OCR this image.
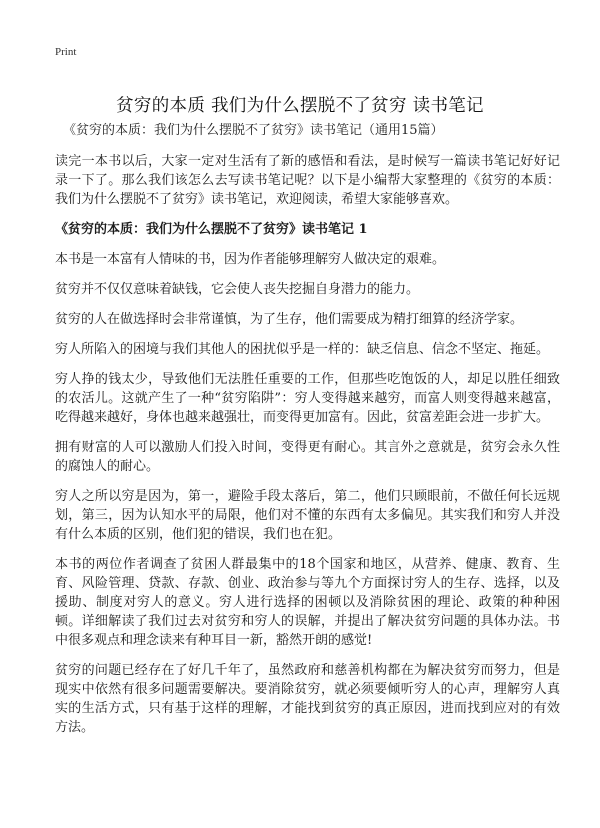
Print
贫穷的本质 我们为什么摆脱不了贫穷 读书笔记
《贫穷的本质：我们为什么摆脱不了贫穷》读书笔记（通用15篇）

读完一本书以后，大家一定对生活有了新的感悟和看法，是时候写一篇读书笔记好好记录一下了。那么我们该怎么去写读书笔记呢？以下是小编帮大家整理的《贫穷的本质：我们为什么摆脱不了贫穷》读书笔记，欢迎阅读，希望大家能够喜欢。

《贫穷的本质：我们为什么摆脱不了贫穷》读书笔记 1

本书是一本富有人情味的书，因为作者能够理解穷人做决定的艰难。

贫穷并不仅仅意味着缺钱，它会使人丧失挖掘自身潜力的能力。

贫穷的人在做选择时会非常谨慎，为了生存，他们需要成为精打细算的经济学家。

穷人所陷入的困境与我们其他人的困扰似乎是一样的：缺乏信息、信念不坚定、拖延。

穷人挣的钱太少，导致他们无法胜任重要的工作，但那些吃饱饭的人，却足以胜任细致的农活儿。这就产生了一种“贫穷陷阱”：穷人变得越来越穷，而富人则变得越来越富，吃得越来越好，身体也越来越强壮，而变得更加富有。因此，贫富差距会进一步扩大。

拥有财富的人可以激励人们投入时间，变得更有耐心。其言外之意就是，贫穷会永久性的腐蚀人的耐心。

穷人之所以穷是因为，第一，避险手段太落后，第二，他们只顾眼前，不做任何长远规划，第三，因为认知水平的局限，他们对不懂的东西有太多偏见。其实我们和穷人并没有什么本质的区别，他们犯的错误，我们也在犯。

本书的两位作者调查了贫困人群最集中的18个国家和地区，从营养、健康、教育、生育、风险管理、贷款、存款、创业、政治参与等九个方面探讨穷人的生存、选择，以及援助、制度对穷人的意义。穷人进行选择的困顿以及消除贫困的理论、政策的种种困顿。详细解读了我们过去对贫穷和穷人的误解，并提出了解决贫穷问题的具体办法。书中很多观点和理念读来有种耳目一新，豁然开朗的感觉!

贫穷的问题已经存在了好几千年了，虽然政府和慈善机构都在为解决贫穷而努力，但是现实中依然有很多问题需要解决。要消除贫穷，就必须要倾听穷人的心声，理解穷人真实的生活方式，只有基于这样的理解，才能找到贫穷的真正原因，进而找到应对的有效方法。
